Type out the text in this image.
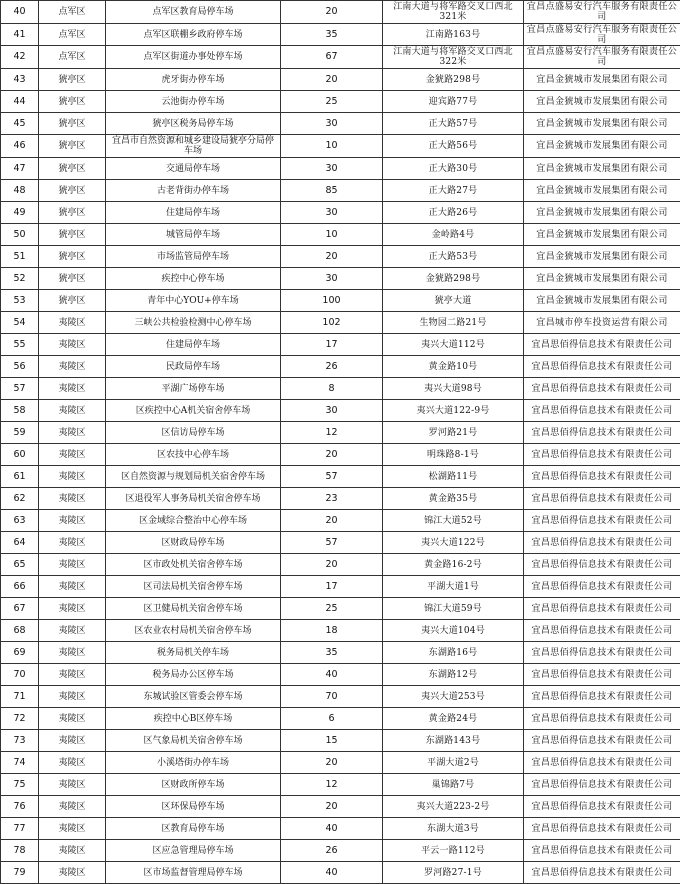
40	点军区	点军区教育局停车场	20	江南大道与将军路交叉口西北321米	宜昌点盛易安行汽车服务有限责任公司
41	点军区	点军区联棚乡政府停车场	35	江南路163号	宜昌点盛易安行汽车服务有限责任公司
42	点军区	点军区街道办事处停车场	67	江南大道与将军路交叉口西北322米	宜昌点盛易安行汽车服务有限责任公司
43	猇亭区	虎牙街办停车场	20	金猇路298号	宜昌金猇城市发展集团有限公司
44	猇亭区	云池街办停车场	25	迎宾路77号	宜昌金猇城市发展集团有限公司
45	猇亭区	猇亭区税务局停车场	30	正大路57号	宜昌金猇城市发展集团有限公司
46	猇亭区	宜昌市自然资源和城乡建设局猇亭分局停车场	10	正大路56号	宜昌金猇城市发展集团有限公司
47	猇亭区	交通局停车场	30	正大路30号	宜昌金猇城市发展集团有限公司
48	猇亭区	古老背街办停车场	85	正大路27号	宜昌金猇城市发展集团有限公司
49	猇亭区	住建局停车场	30	正大路26号	宜昌金猇城市发展集团有限公司
50	猇亭区	城管局停车场	10	金岭路4号	宜昌金猇城市发展集团有限公司
51	猇亭区	市场监管局停车场	20	正大路53号	宜昌金猇城市发展集团有限公司
52	猇亭区	疾控中心停车场	30	金猇路298号	宜昌金猇城市发展集团有限公司
53	猇亭区	青年中心YOU+停车场	100	猇亭大道	宜昌金猇城市发展集团有限公司
54	夷陵区	三峡公共检验检测中心停车场	102	生物园二路21号	宜昌城市停车投资运营有限公司
55	夷陵区	住建局停车场	17	夷兴大道112号	宜昌思佰得信息技术有限责任公司
56	夷陵区	民政局停车场	26	黄金路10号	宜昌思佰得信息技术有限责任公司
57	夷陵区	平湖广场停车场	8	夷兴大道98号	宜昌思佰得信息技术有限责任公司
58	夷陵区	区疾控中心A机关宿舍停车场	30	夷兴大道122-9号	宜昌思佰得信息技术有限责任公司
59	夷陵区	区信访局停车场	12	罗河路21号	宜昌思佰得信息技术有限责任公司
60	夷陵区	区农技中心停车场	20	明珠路8-1号	宜昌思佰得信息技术有限责任公司
61	夷陵区	区自然资源与规划局机关宿舍停车场	57	松湖路11号	宜昌思佰得信息技术有限责任公司
62	夷陵区	区退役军人事务局机关宿舍停车场	23	黄金路35号	宜昌思佰得信息技术有限责任公司
63	夷陵区	区金域综合整治中心停车场	20	锦江大道52号	宜昌思佰得信息技术有限责任公司
64	夷陵区	区财政局停车场	57	夷兴大道122号	宜昌思佰得信息技术有限责任公司
65	夷陵区	区市政处机关宿舍停车场	20	黄金路16-2号	宜昌思佰得信息技术有限责任公司
66	夷陵区	区司法局机关宿舍停车场	17	平湖大道1号	宜昌思佰得信息技术有限责任公司
67	夷陵区	区卫健局机关宿舍停车场	25	锦江大道59号	宜昌思佰得信息技术有限责任公司
68	夷陵区	区农业农村局机关宿舍停车场	18	夷兴大道104号	宜昌思佰得信息技术有限责任公司
69	夷陵区	税务局机关停车场	35	东湖路16号	宜昌思佰得信息技术有限责任公司
70	夷陵区	税务局办公区停车场	40	东湖路12号	宜昌思佰得信息技术有限责任公司
71	夷陵区	东城试验区管委会停车场	70	夷兴大道253号	宜昌思佰得信息技术有限责任公司
72	夷陵区	疾控中心B区停车场	6	黄金路24号	宜昌思佰得信息技术有限责任公司
73	夷陵区	区气象局机关宿舍停车场	15	东湖路143号	宜昌思佰得信息技术有限责任公司
74	夷陵区	小溪塔街办停车场	20	平湖大道2号	宜昌思佰得信息技术有限责任公司
75	夷陵区	区财政所停车场	12	巢锦路7号	宜昌思佰得信息技术有限责任公司
76	夷陵区	区环保局停车场	20	夷兴大道223-2号	宜昌思佰得信息技术有限责任公司
77	夷陵区	区教育局停车场	40	东湖大道3号	宜昌思佰得信息技术有限责任公司
78	夷陵区	区应急管理局停车场	26	平云一路112号	宜昌思佰得信息技术有限责任公司
79	夷陵区	区市场监督管理局停车场	40	罗河路27-1号	宜昌思佰得信息技术有限责任公司
